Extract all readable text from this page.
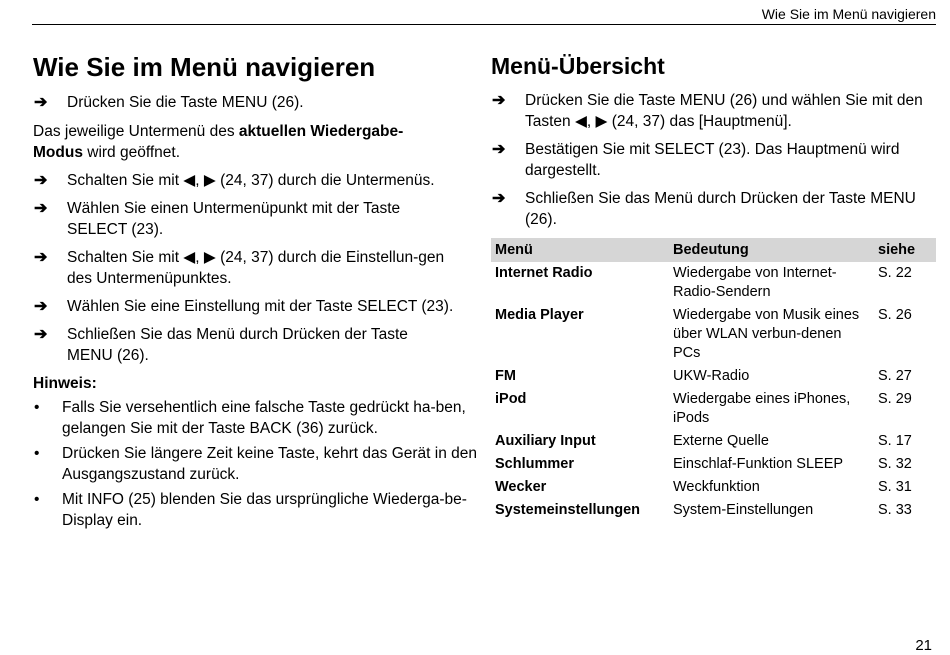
Wie Sie im Menü navigieren
Wie Sie im Menü navigieren	Menü-Übersicht
➔ Drücken Sie die Taste MENU (26).
Das jeweilige Untermenü des aktuellen Wiedergabe-Modus wird geöffnet.
➔ Schalten Sie mit ◀, ▶ (24, 37) durch die Untermenüs.
➔ Wählen Sie einen Untermenüpunkt mit der Taste SELECT (23).
➔ Schalten Sie mit ◀, ▶ (24, 37) durch die Einstellun-gen des Untermenüpunktes.
➔ Wählen Sie eine Einstellung mit der Taste SELECT (23).
➔ Schließen Sie das Menü durch Drücken der Taste MENU (26).
Hinweis:
• Falls Sie versehentlich eine falsche Taste gedrückt ha-ben, gelangen Sie mit der Taste BACK (36) zurück.
• Drücken Sie längere Zeit keine Taste, kehrt das Gerät in den Ausgangszustand zurück.
• Mit INFO (25) blenden Sie das ursprüngliche Wiederga-be-Display ein.
➔ Drücken Sie die Taste MENU (26) und wählen Sie mit den Tasten ◀, ▶ (24, 37) das [Hauptmenü].
➔ Bestätigen Sie mit SELECT (23). Das Hauptmenü wird dargestellt.
➔ Schließen Sie das Menü durch Drücken der Taste MENU (26).
Menü	Bedeutung	siehe
Internet Radio	Wiedergabe von Internet-Radio-Sendern	S. 22
Media Player	Wiedergabe von Musik eines über WLAN verbun-denen PCs	S. 26
FM	UKW-Radio	S. 27
iPod	Wiedergabe eines iPhones, iPods	S. 29
Auxiliary Input	Externe Quelle	S. 17
Schlummer	Einschlaf-Funktion SLEEP	S. 32
Wecker	Weckfunktion	S. 31
Systemeinstellungen	System-Einstellungen	S. 33
21
